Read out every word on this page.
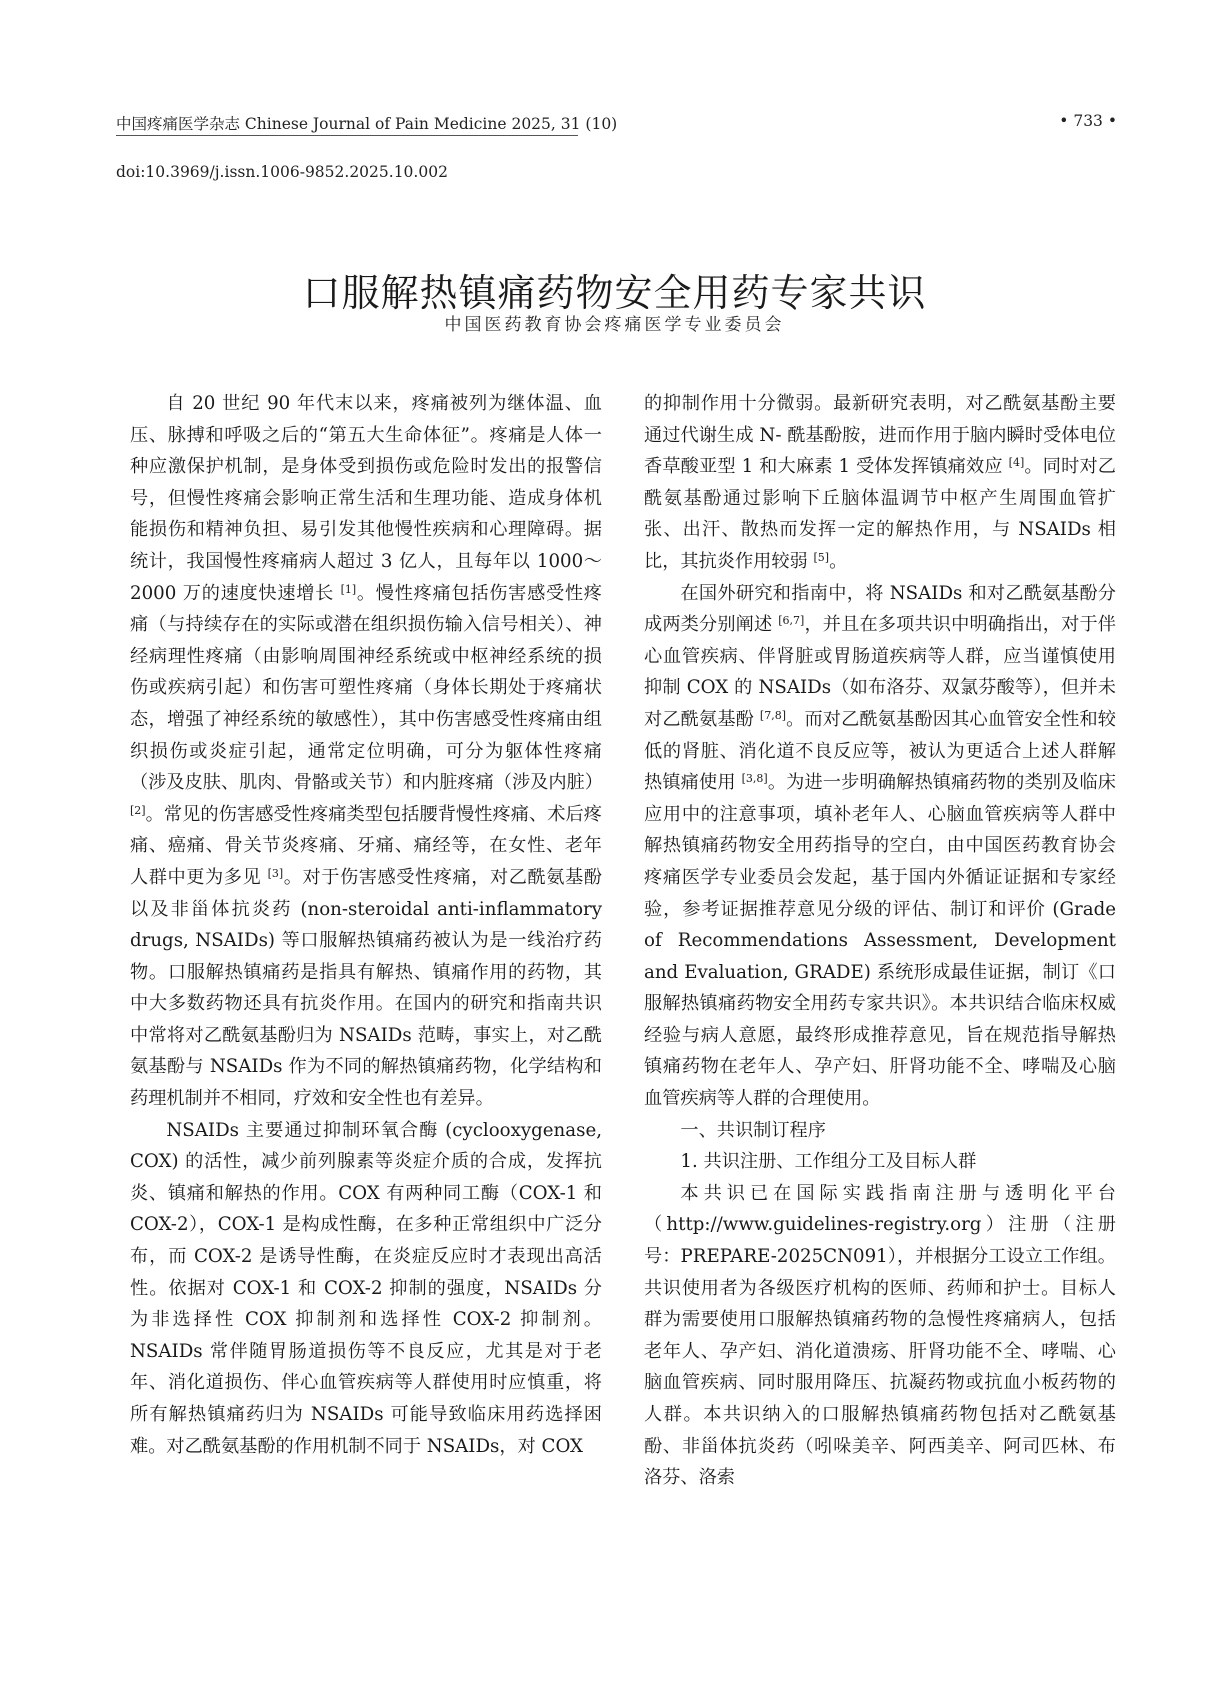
中国疼痛医学杂志 Chinese Journal of Pain Medicine 2025, 31 (10)	• 733 •
doi:10.3969/j.issn.1006-9852.2025.10.002
口服解热镇痛药物安全用药专家共识
中国医药教育协会疼痛医学专业委员会

自 20 世纪 90 年代末以来，疼痛被列为继体温、血压、脉搏和呼吸之后的“第五大生命体征”。疼痛是人体一种应激保护机制，是身体受到损伤或危险时发出的报警信号，但慢性疼痛会影响正常生活和生理功能、造成身体机能损伤和精神负担、易引发其他慢性疾病和心理障碍。据统计，我国慢性疼痛病人超过 3 亿人，且每年以 1000～2000 万的速度快速增长 [1]。慢性疼痛包括伤害感受性疼痛（与持续存在的实际或潜在组织损伤输入信号相关）、神经病理性疼痛（由影响周围神经系统或中枢神经系统的损伤或疾病引起）和伤害可塑性疼痛（身体长期处于疼痛状态，增强了神经系统的敏感性），其中伤害感受性疼痛由组织损伤或炎症引起，通常定位明确，可分为躯体性疼痛（涉及皮肤、肌肉、骨骼或关节）和内脏疼痛（涉及内脏）[2]。常见的伤害感受性疼痛类型包括腰背慢性疼痛、术后疼痛、癌痛、骨关节炎疼痛、牙痛、痛经等，在女性、老年人群中更为多见 [3]。对于伤害感受性疼痛，对乙酰氨基酚以及非甾体抗炎药 (non-steroidal anti-inflammatory drugs, NSAIDs) 等口服解热镇痛药被认为是一线治疗药物。口服解热镇痛药是指具有解热、镇痛作用的药物，其中大多数药物还具有抗炎作用。在国内的研究和指南共识中常将对乙酰氨基酚归为 NSAIDs 范畴，事实上，对乙酰氨基酚与 NSAIDs 作为不同的解热镇痛药物，化学结构和药理机制并不相同，疗效和安全性也有差异。

NSAIDs 主要通过抑制环氧合酶 (cyclooxygenase, COX) 的活性，减少前列腺素等炎症介质的合成，发挥抗炎、镇痛和解热的作用。COX 有两种同工酶（COX-1 和 COX-2），COX-1 是构成性酶，在多种正常组织中广泛分布，而 COX-2 是诱导性酶，在炎症反应时才表现出高活性。依据对 COX-1 和 COX-2 抑制的强度，NSAIDs 分为非选择性 COX 抑制剂和选择性 COX-2 抑制剂。NSAIDs 常伴随胃肠道损伤等不良反应，尤其是对于老年、消化道损伤、伴心血管疾病等人群使用时应慎重，将所有解热镇痛药归为 NSAIDs 可能导致临床用药选择困难。对乙酰氨基酚的作用机制不同于 NSAIDs，对 COX

的抑制作用十分微弱。最新研究表明，对乙酰氨基酚主要通过代谢生成 N- 酰基酚胺，进而作用于脑内瞬时受体电位香草酸亚型 1 和大麻素 1 受体发挥镇痛效应 [4]。同时对乙酰氨基酚通过影响下丘脑体温调节中枢产生周围血管扩张、出汗、散热而发挥一定的解热作用，与 NSAIDs 相比，其抗炎作用较弱 [5]。

在国外研究和指南中，将 NSAIDs 和对乙酰氨基酚分成两类分别阐述 [6,7]，并且在多项共识中明确指出，对于伴心血管疾病、伴肾脏或胃肠道疾病等人群，应当谨慎使用抑制 COX 的 NSAIDs（如布洛芬、双氯芬酸等），但并未对乙酰氨基酚 [7,8]。而对乙酰氨基酚因其心血管安全性和较低的肾脏、消化道不良反应等，被认为更适合上述人群解热镇痛使用 [3,8]。为进一步明确解热镇痛药物的类别及临床应用中的注意事项，填补老年人、心脑血管疾病等人群中解热镇痛药物安全用药指导的空白，由中国医药教育协会疼痛医学专业委员会发起，基于国内外循证证据和专家经验，参考证据推荐意见分级的评估、制订和评价 (Grade of Recommendations Assessment, Development and Evaluation, GRADE) 系统形成最佳证据，制订《口服解热镇痛药物安全用药专家共识》。本共识结合临床权威经验与病人意愿，最终形成推荐意见，旨在规范指导解热镇痛药物在老年人、孕产妇、肝肾功能不全、哮喘及心脑血管疾病等人群的合理使用。

一、共识制订程序

1. 共识注册、工作组分工及目标人群

本共识已在国际实践指南注册与透明化平台（http://www.guidelines-registry.org）注册（注册号：PREPARE-2025CN091），并根据分工设立工作组。共识使用者为各级医疗机构的医师、药师和护士。目标人群为需要使用口服解热镇痛药物的急慢性疼痛病人，包括老年人、孕产妇、消化道溃疡、肝肾功能不全、哮喘、心脑血管疾病、同时服用降压、抗凝药物或抗血小板药物的人群。本共识纳入的口服解热镇痛药物包括对乙酰氨基酚、非甾体抗炎药（吲哚美辛、阿西美辛、阿司匹林、布洛芬、洛索
